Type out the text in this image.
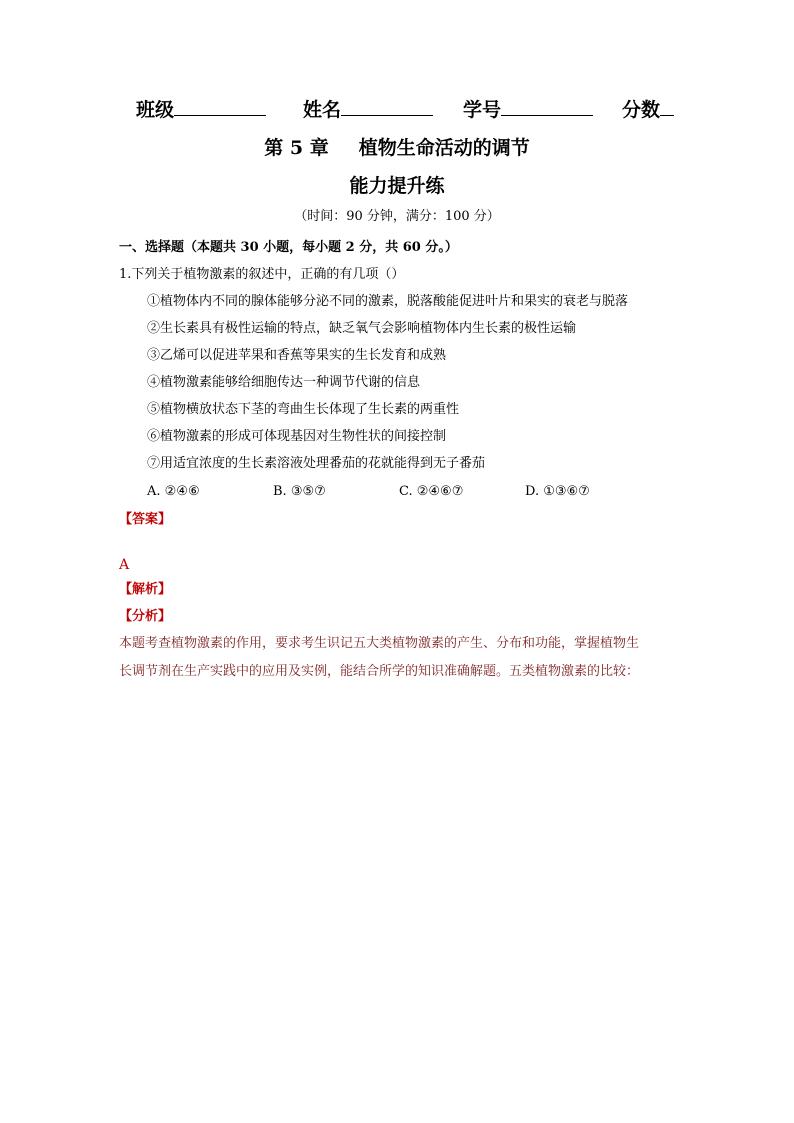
班级	姓名	学号	分数
第 5 章 植物生命活动的调节
能力提升练
（时间：90 分钟，满分：100 分）
一、选择题（本题共 30 小题，每小题 2 分，共 60 分。）
1.下列关于植物激素的叙述中，正确的有几项（）
①植物体内不同的腺体能够分泌不同的激素，脱落酸能促进叶片和果实的衰老与脱落
②生长素具有极性运输的特点，缺乏氧气会影响植物体内生长素的极性运输
③乙烯可以促进苹果和香蕉等果实的生长发育和成熟
④植物激素能够给细胞传达一种调节代谢的信息
⑤植物横放状态下茎的弯曲生长体现了生长素的两重性
⑥植物激素的形成可体现基因对生物性状的间接控制
⑦用适宜浓度的生长素溶液处理番茄的花就能得到无子番茄
A. ②④⑥	B. ③⑤⑦	C. ②④⑥⑦	D. ①③⑥⑦
【答案】
A
【解析】
【分析】
本题考查植物激素的作用，要求考生识记五大类植物激素的产生、分布和功能，掌握植物生
长调节剂在生产实践中的应用及实例，能结合所学的知识准确解题。五类植物激素的比较：
